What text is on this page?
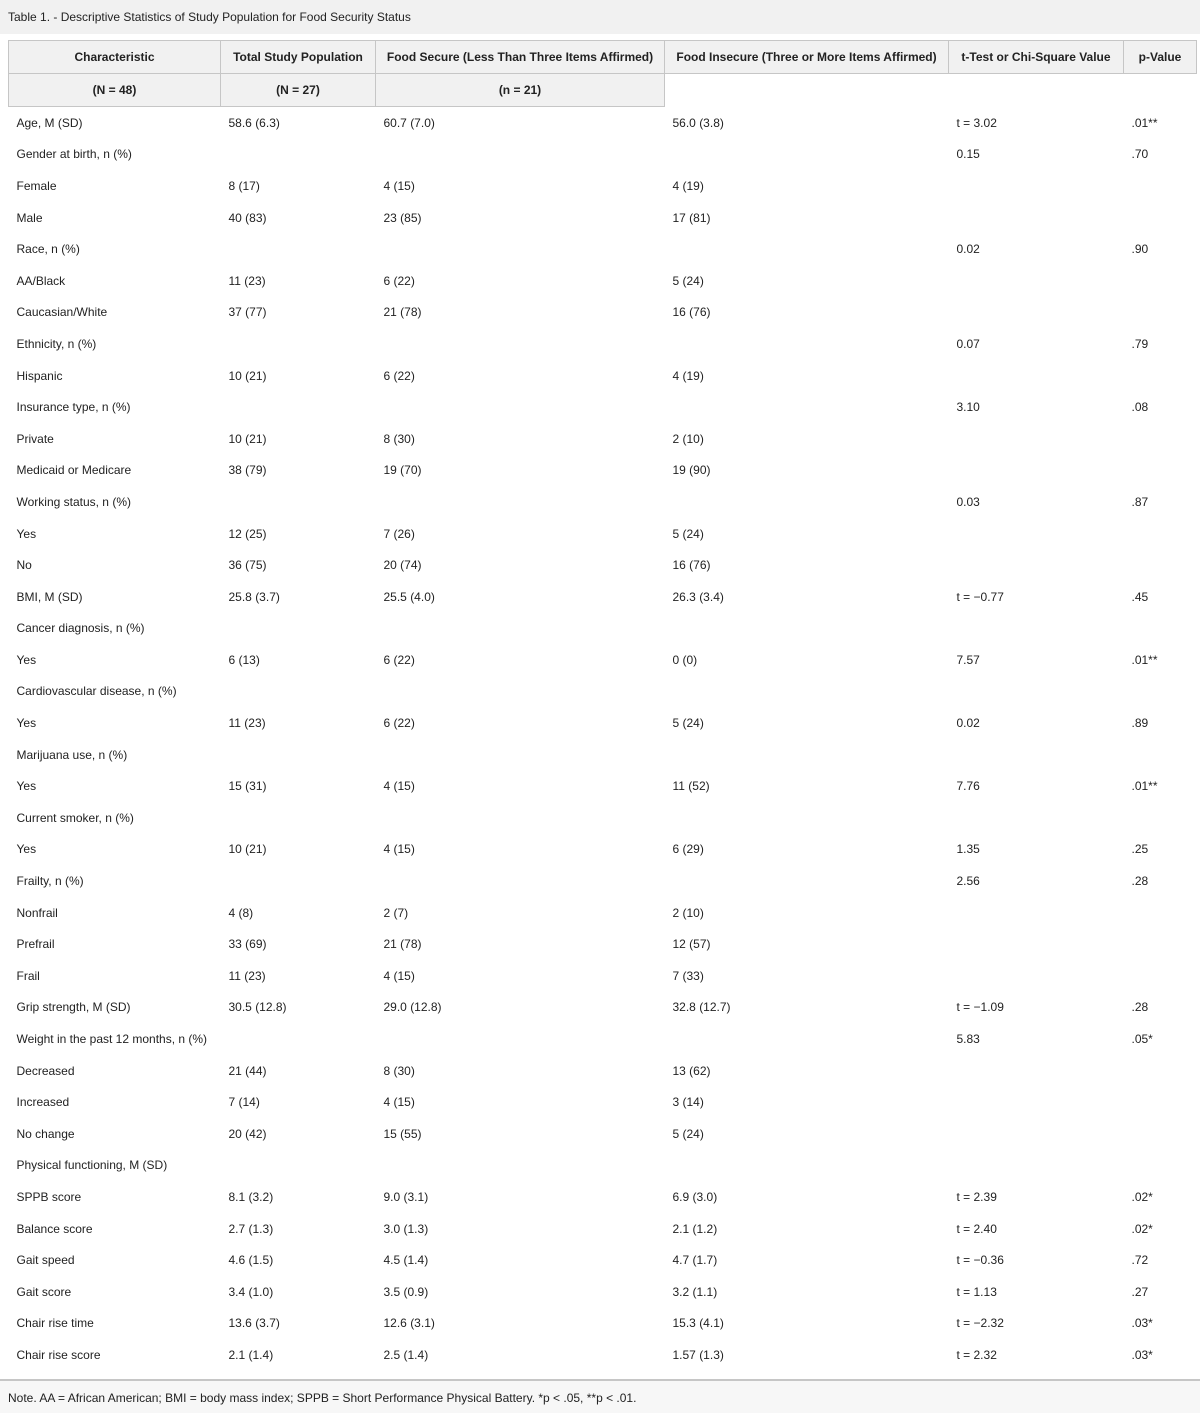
Table 1. - Descriptive Statistics of Study Population for Food Security Status
Characteristic	Total Study Population	Food Secure (Less Than Three Items Affirmed)	Food Insecure (Three or More Items Affirmed)	t-Test or Chi-Square Value	p-Value
(N = 48)	(N = 27)	(n = 21)			
Age, M (SD)	58.6 (6.3)	60.7 (7.0)	56.0 (3.8)	t = 3.02	.01**
Gender at birth, n (%)				0.15	.70
Female	8 (17)	4 (15)	4 (19)		
Male	40 (83)	23 (85)	17 (81)		
Race, n (%)				0.02	.90
AA/Black	11 (23)	6 (22)	5 (24)		
Caucasian/White	37 (77)	21 (78)	16 (76)		
Ethnicity, n (%)				0.07	.79
Hispanic	10 (21)	6 (22)	4 (19)		
Insurance type, n (%)				3.10	.08
Private	10 (21)	8 (30)	2 (10)		
Medicaid or Medicare	38 (79)	19 (70)	19 (90)		
Working status, n (%)				0.03	.87
Yes	12 (25)	7 (26)	5 (24)		
No	36 (75)	20 (74)	16 (76)		
BMI, M (SD)	25.8 (3.7)	25.5 (4.0)	26.3 (3.4)	t = −0.77	.45
Cancer diagnosis, n (%)					
Yes	6 (13)	6 (22)	0 (0)	7.57	.01**
Cardiovascular disease, n (%)					
Yes	11 (23)	6 (22)	5 (24)	0.02	.89
Marijuana use, n (%)					
Yes	15 (31)	4 (15)	11 (52)	7.76	.01**
Current smoker, n (%)					
Yes	10 (21)	4 (15)	6 (29)	1.35	.25
Frailty, n (%)				2.56	.28
Nonfrail	4 (8)	2 (7)	2 (10)		
Prefrail	33 (69)	21 (78)	12 (57)		
Frail	11 (23)	4 (15)	7 (33)		
Grip strength, M (SD)	30.5 (12.8)	29.0 (12.8)	32.8 (12.7)	t = −1.09	.28
Weight in the past 12 months, n (%)				5.83	.05*
Decreased	21 (44)	8 (30)	13 (62)		
Increased	7 (14)	4 (15)	3 (14)		
No change	20 (42)	15 (55)	5 (24)		
Physical functioning, M (SD)					
SPPB score	8.1 (3.2)	9.0 (3.1)	6.9 (3.0)	t = 2.39	.02*
Balance score	2.7 (1.3)	3.0 (1.3)	2.1 (1.2)	t = 2.40	.02*
Gait speed	4.6 (1.5)	4.5 (1.4)	4.7 (1.7)	t = −0.36	.72
Gait score	3.4 (1.0)	3.5 (0.9)	3.2 (1.1)	t = 1.13	.27
Chair rise time	13.6 (3.7)	12.6 (3.1)	15.3 (4.1)	t = −2.32	.03*
Chair rise score	2.1 (1.4)	2.5 (1.4)	1.57 (1.3)	t = 2.32	.03*
Note. AA = African American; BMI = body mass index; SPPB = Short Performance Physical Battery. *p < .05, **p < .01.
